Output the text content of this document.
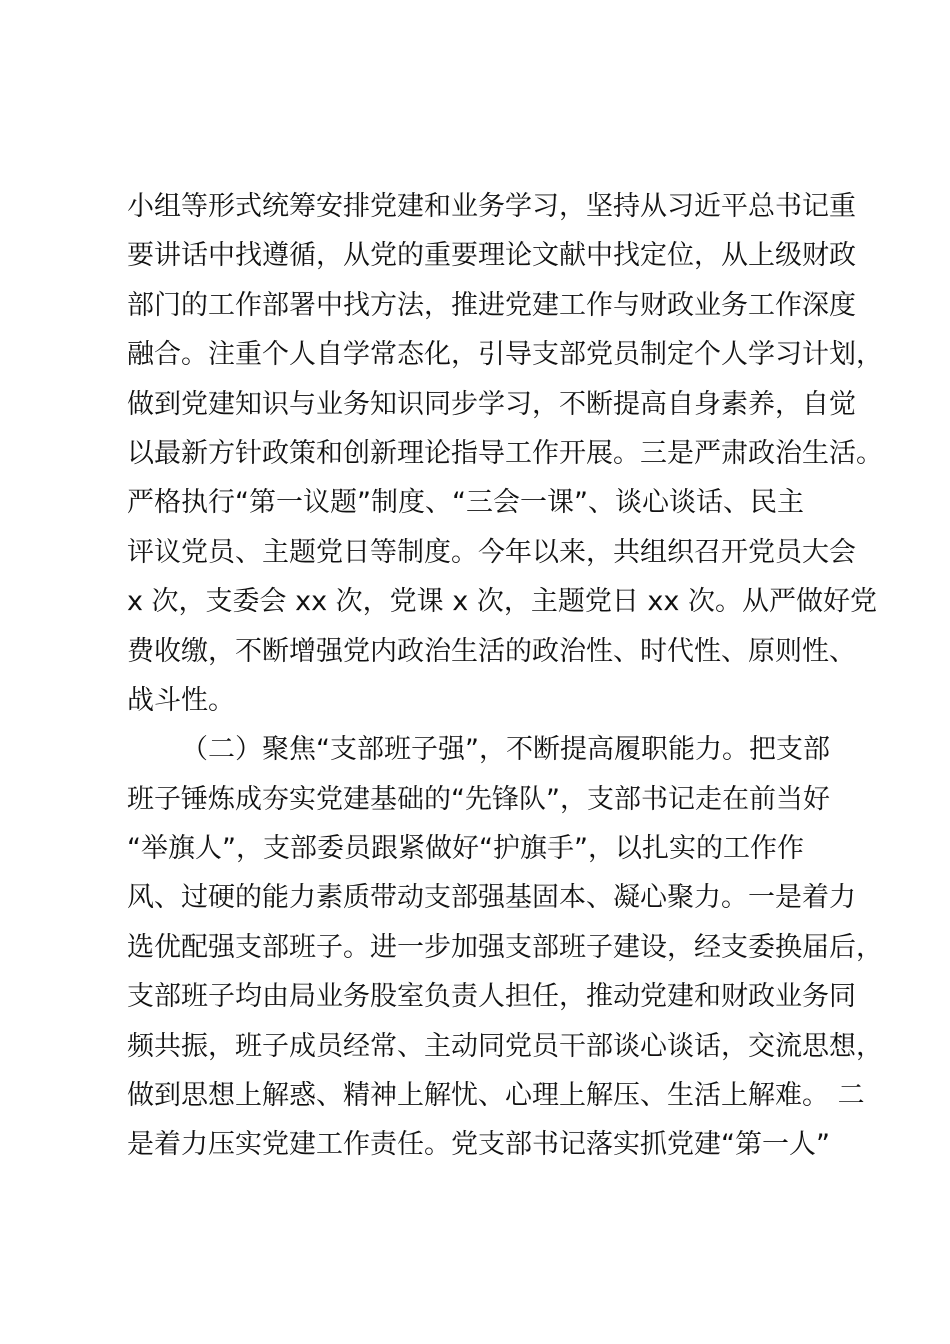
小组等形式统筹安排党建和业务学习，坚持从习近平总书记重
要讲话中找遵循，从党的重要理论文献中找定位，从上级财政
部门的工作部署中找方法，推进党建工作与财政业务工作深度
融合。注重个人自学常态化，引导支部党员制定个人学习计划，
做到党建知识与业务知识同步学习，不断提高自身素养，自觉
以最新方针政策和创新理论指导工作开展。三是严肃政治生活。
严格执行“第一议题”制度、“三会一课”、谈心谈话、民主
评议党员、主题党日等制度。今年以来，共组织召开党员大会
x 次，支委会 xx 次，党课 x 次，主题党日 xx 次。从严做好党
费收缴，不断增强党内政治生活的政治性、时代性、原则性、
战斗性。
（二）聚焦“支部班子强”，不断提高履职能力。把支部
班子锤炼成夯实党建基础的“先锋队”，支部书记走在前当好
“举旗人”，支部委员跟紧做好“护旗手”，以扎实的工作作
风、过硬的能力素质带动支部强基固本、凝心聚力。一是着力
选优配强支部班子。进一步加强支部班子建设，经支委换届后，
支部班子均由局业务股室负责人担任，推动党建和财政业务同
频共振，班子成员经常、主动同党员干部谈心谈话，交流思想，
做到思想上解惑、精神上解忧、心理上解压、生活上解难。 二
是着力压实党建工作责任。党支部书记落实抓党建“第一人”
